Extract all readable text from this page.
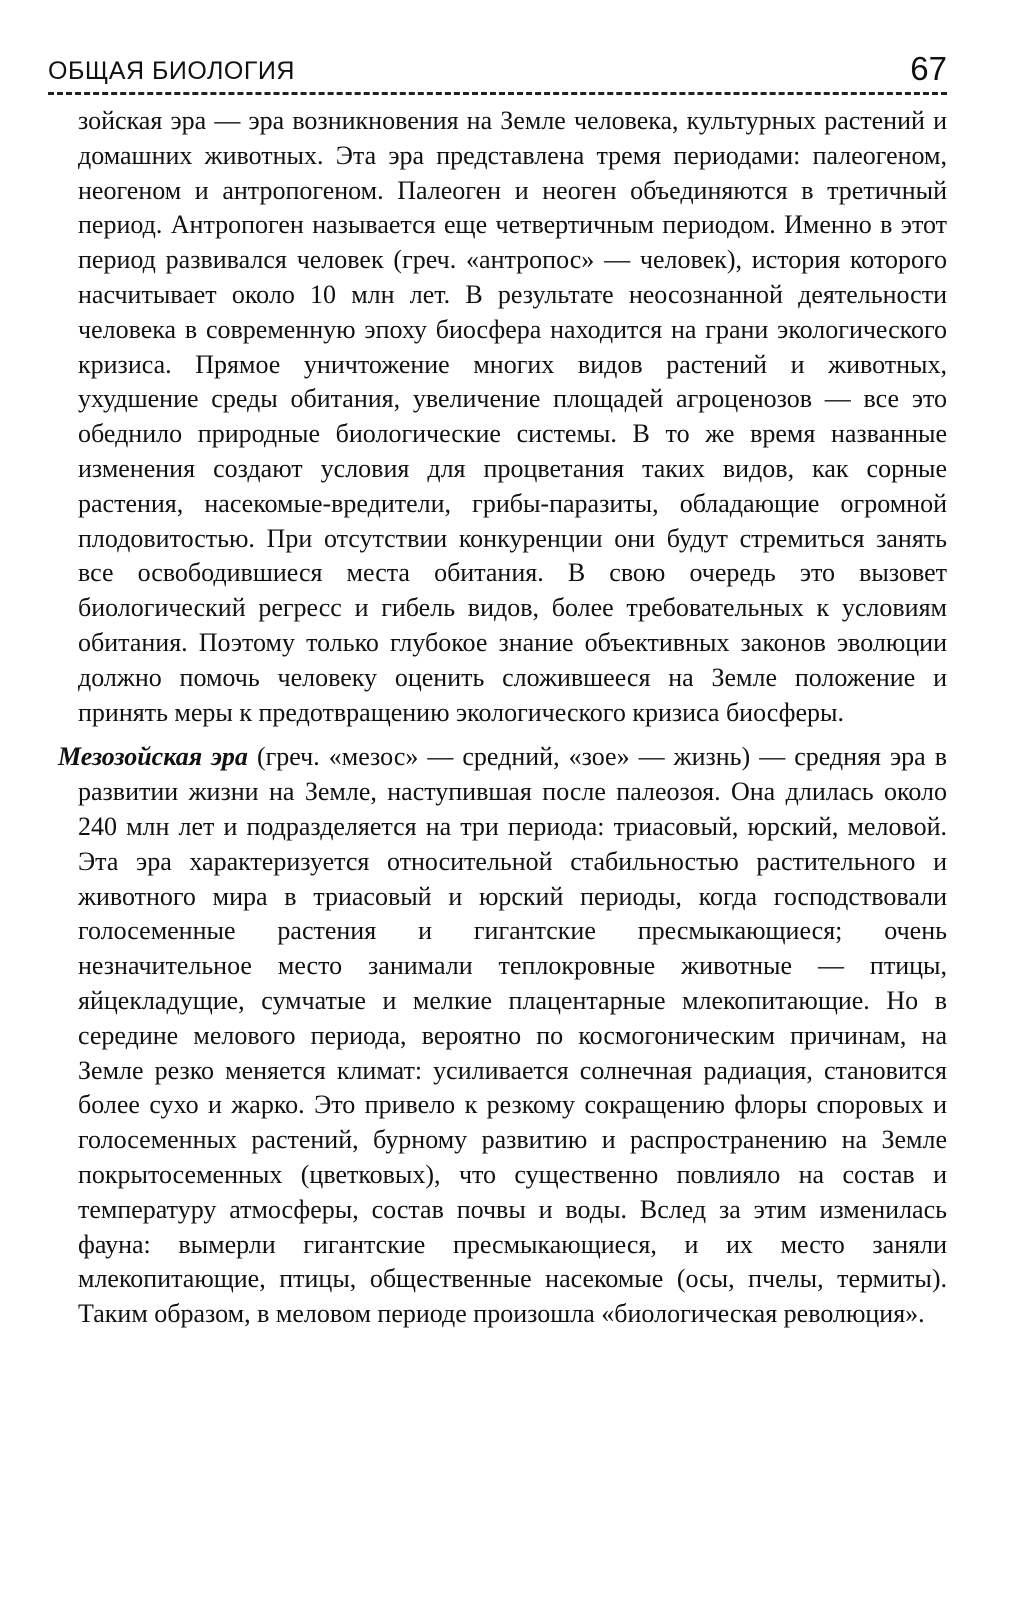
ОБЩАЯ БИОЛОГИЯ	67

зойская эра — эра возникновения на Земле человека, культурных растений и домашних животных. Эта эра представлена тремя периодами: палеогеном, неогеном и антропогеном. Палеоген и неоген объединяются в третичный период. Антропоген называется еще четвертичным периодом. Именно в этот период развивался человек (греч. «антропос» — человек), история которого насчитывает около 10 млн лет. В результате неосознанной деятельности человека в современную эпоху биосфера находится на грани экологического кризиса. Прямое уничтожение многих видов растений и животных, ухудшение среды обитания, увеличение площадей агроценозов — все это обеднило природные биологические системы. В то же время названные изменения создают условия для процветания таких видов, как сорные растения, насекомые-вредители, грибы-паразиты, обладающие огромной плодовитостью. При отсутствии конкуренции они будут стремиться занять все освободившиеся места обитания. В свою очередь это вызовет биологический регресс и гибель видов, более требовательных к условиям обитания. Поэтому только глубокое знание объективных законов эволюции должно помочь человеку оценить сложившееся на Земле положение и принять меры к предотвращению экологического кризиса биосферы.

Мезозойская эра (греч. «мезос» — средний, «зое» — жизнь) — средняя эра в развитии жизни на Земле, наступившая после палеозоя. Она длилась около 240 млн лет и подразделяется на три периода: триасовый, юрский, меловой. Эта эра характеризуется относительной стабильностью растительного и животного мира в триасовый и юрский периоды, когда господствовали голосеменные растения и гигантские пресмыкающиеся; очень незначительное место занимали теплокровные животные — птицы, яйцекладущие, сумчатые и мелкие плацентарные млекопитающие. Но в середине мелового периода, вероятно по космогоническим причинам, на Земле резко меняется климат: усиливается солнечная радиация, становится более сухо и жарко. Это привело к резкому сокращению флоры споровых и голосеменных растений, бурному развитию и распространению на Земле покрытосеменных (цветковых), что существенно повлияло на состав и температуру атмосферы, состав почвы и воды. Вслед за этим изменилась фауна: вымерли гигантские пресмыкающиеся, и их место заняли млекопитающие, птицы, общественные насекомые (осы, пчелы, термиты). Таким образом, в меловом периоде произошла «биологическая революция».
